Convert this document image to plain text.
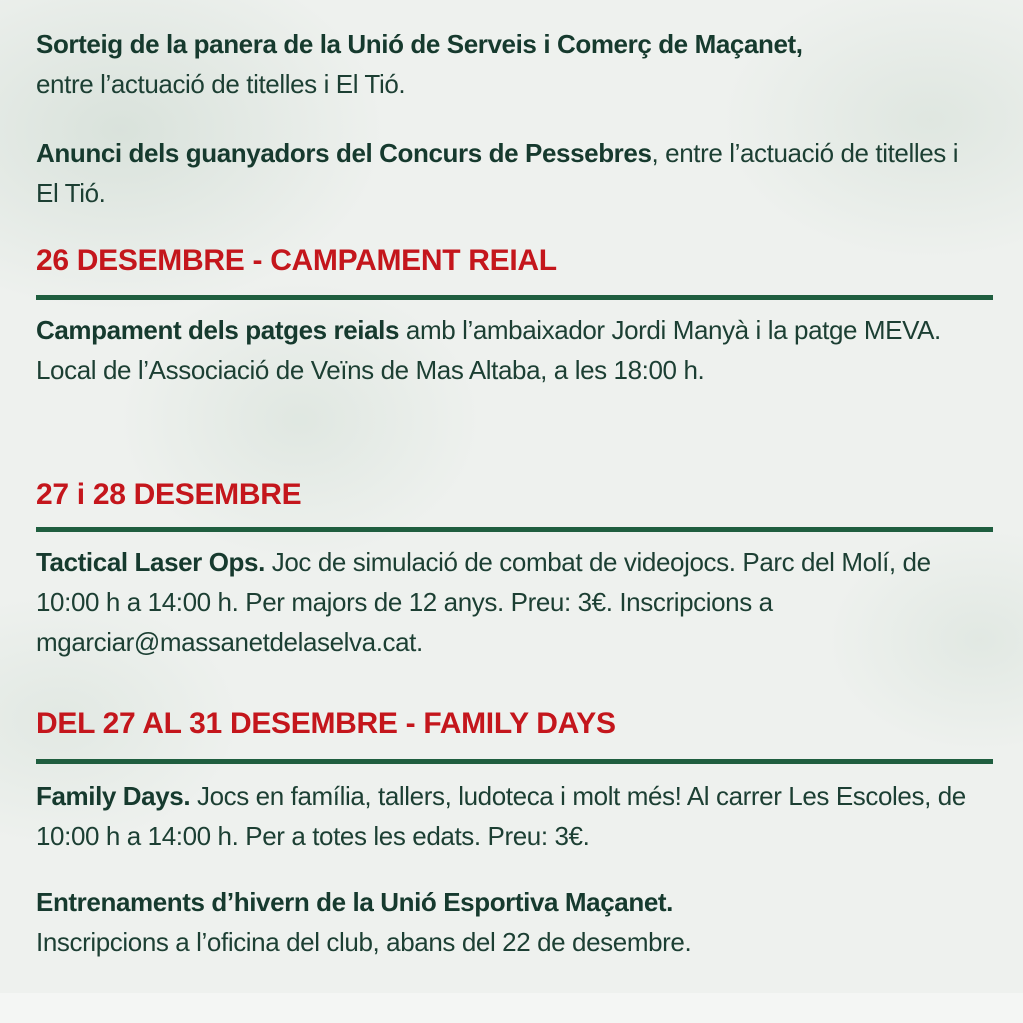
Sorteig de la panera de la Unió de Serveis i Comerç de Maçanet,
entre l’actuació de titelles i El Tió.

Anunci dels guanyadors del Concurs de Pessebres, entre l’actuació de titelles i El Tió.

26 DESEMBRE - CAMPAMENT REIAL

Campament dels patges reials amb l’ambaixador Jordi Manyà i la patge MEVA. Local de l’Associació de Veïns de Mas Altaba, a les 18:00 h.

27 i 28 DESEMBRE

Tactical Laser Ops. Joc de simulació de combat de videojocs. Parc del Molí, de 10:00 h a 14:00 h. Per majors de 12 anys. Preu: 3€. Inscripcions a mgarciar@massanetdelaselva.cat.

DEL 27 AL 31 DESEMBRE - FAMILY DAYS

Family Days. Jocs en família, tallers, ludoteca i molt més! Al carrer Les Escoles, de 10:00 h a 14:00 h. Per a totes les edats. Preu: 3€.

Entrenaments d’hivern de la Unió Esportiva Maçanet.
Inscripcions a l’oficina del club, abans del 22 de desembre.
